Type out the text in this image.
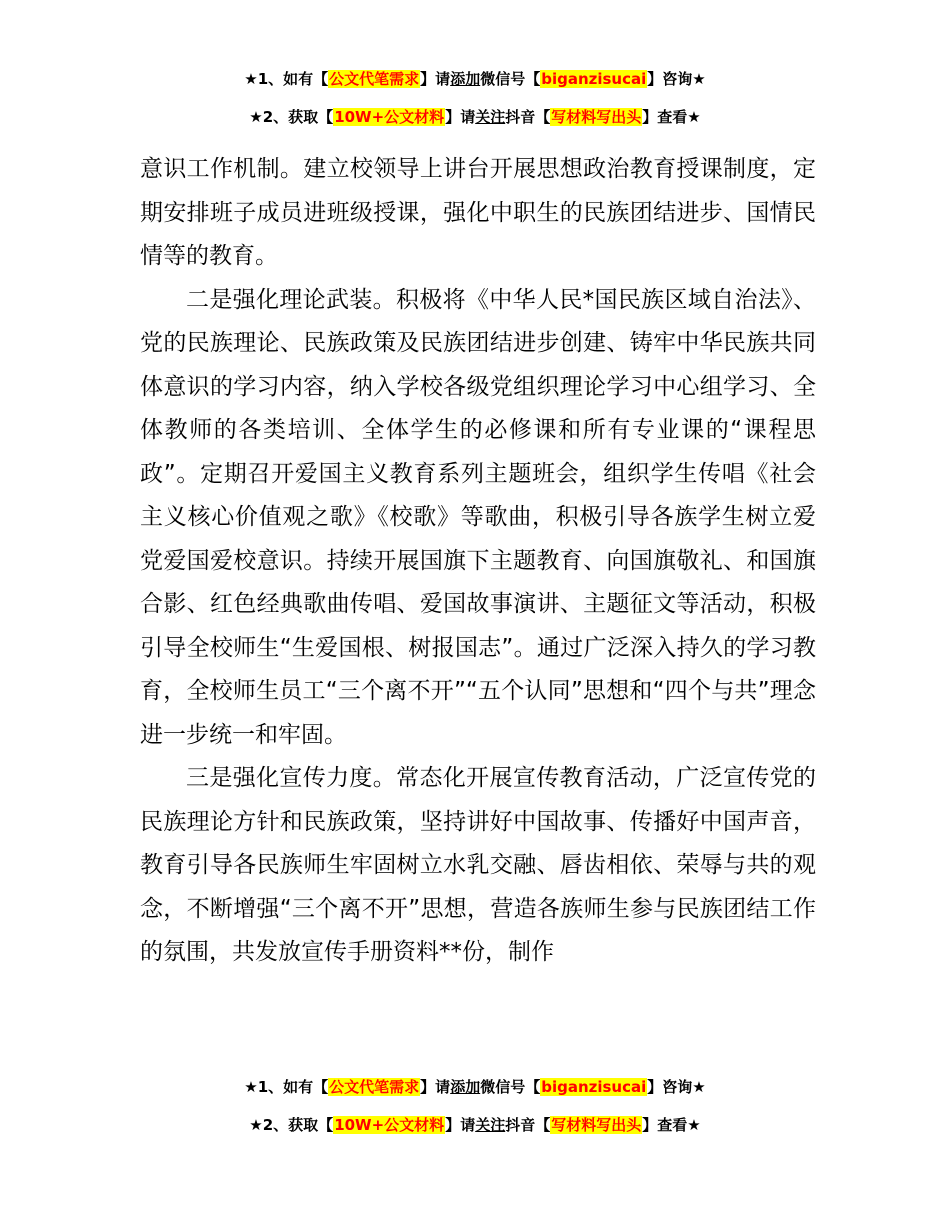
★1、如有【公文代笔需求】请添加微信号【biganzisucai】咨询★
★2、获取【10W+公文材料】请关注抖音【写材料写出头】查看★

意识工作机制。建立校领导上讲台开展思想政治教育授课制度，定期安排班子成员进班级授课，强化中职生的民族团结进步、国情民情等的教育。

二是强化理论武装。积极将《中华人民*国民族区域自治法》、党的民族理论、民族政策及民族团结进步创建、铸牢中华民族共同体意识的学习内容，纳入学校各级党组织理论学习中心组学习、全体教师的各类培训、全体学生的必修课和所有专业课的“课程思政”。定期召开爱国主义教育系列主题班会，组织学生传唱《社会主义核心价值观之歌》《校歌》等歌曲，积极引导各族学生树立爱党爱国爱校意识。持续开展国旗下主题教育、向国旗敬礼、和国旗合影、红色经典歌曲传唱、爱国故事演讲、主题征文等活动，积极引导全校师生“生爱国根、树报国志”。通过广泛深入持久的学习教育，全校师生员工“三个离不开”“五个认同”思想和“四个与共”理念进一步统一和牢固。

三是强化宣传力度。常态化开展宣传教育活动，广泛宣传党的民族理论方针和民族政策，坚持讲好中国故事、传播好中国声音，教育引导各民族师生牢固树立水乳交融、唇齿相依、荣辱与共的观念，不断增强“三个离不开”思想，营造各族师生参与民族团结工作的氛围，共发放宣传手册资料**份，制作

★1、如有【公文代笔需求】请添加微信号【biganzisucai】咨询★
★2、获取【10W+公文材料】请关注抖音【写材料写出头】查看★
